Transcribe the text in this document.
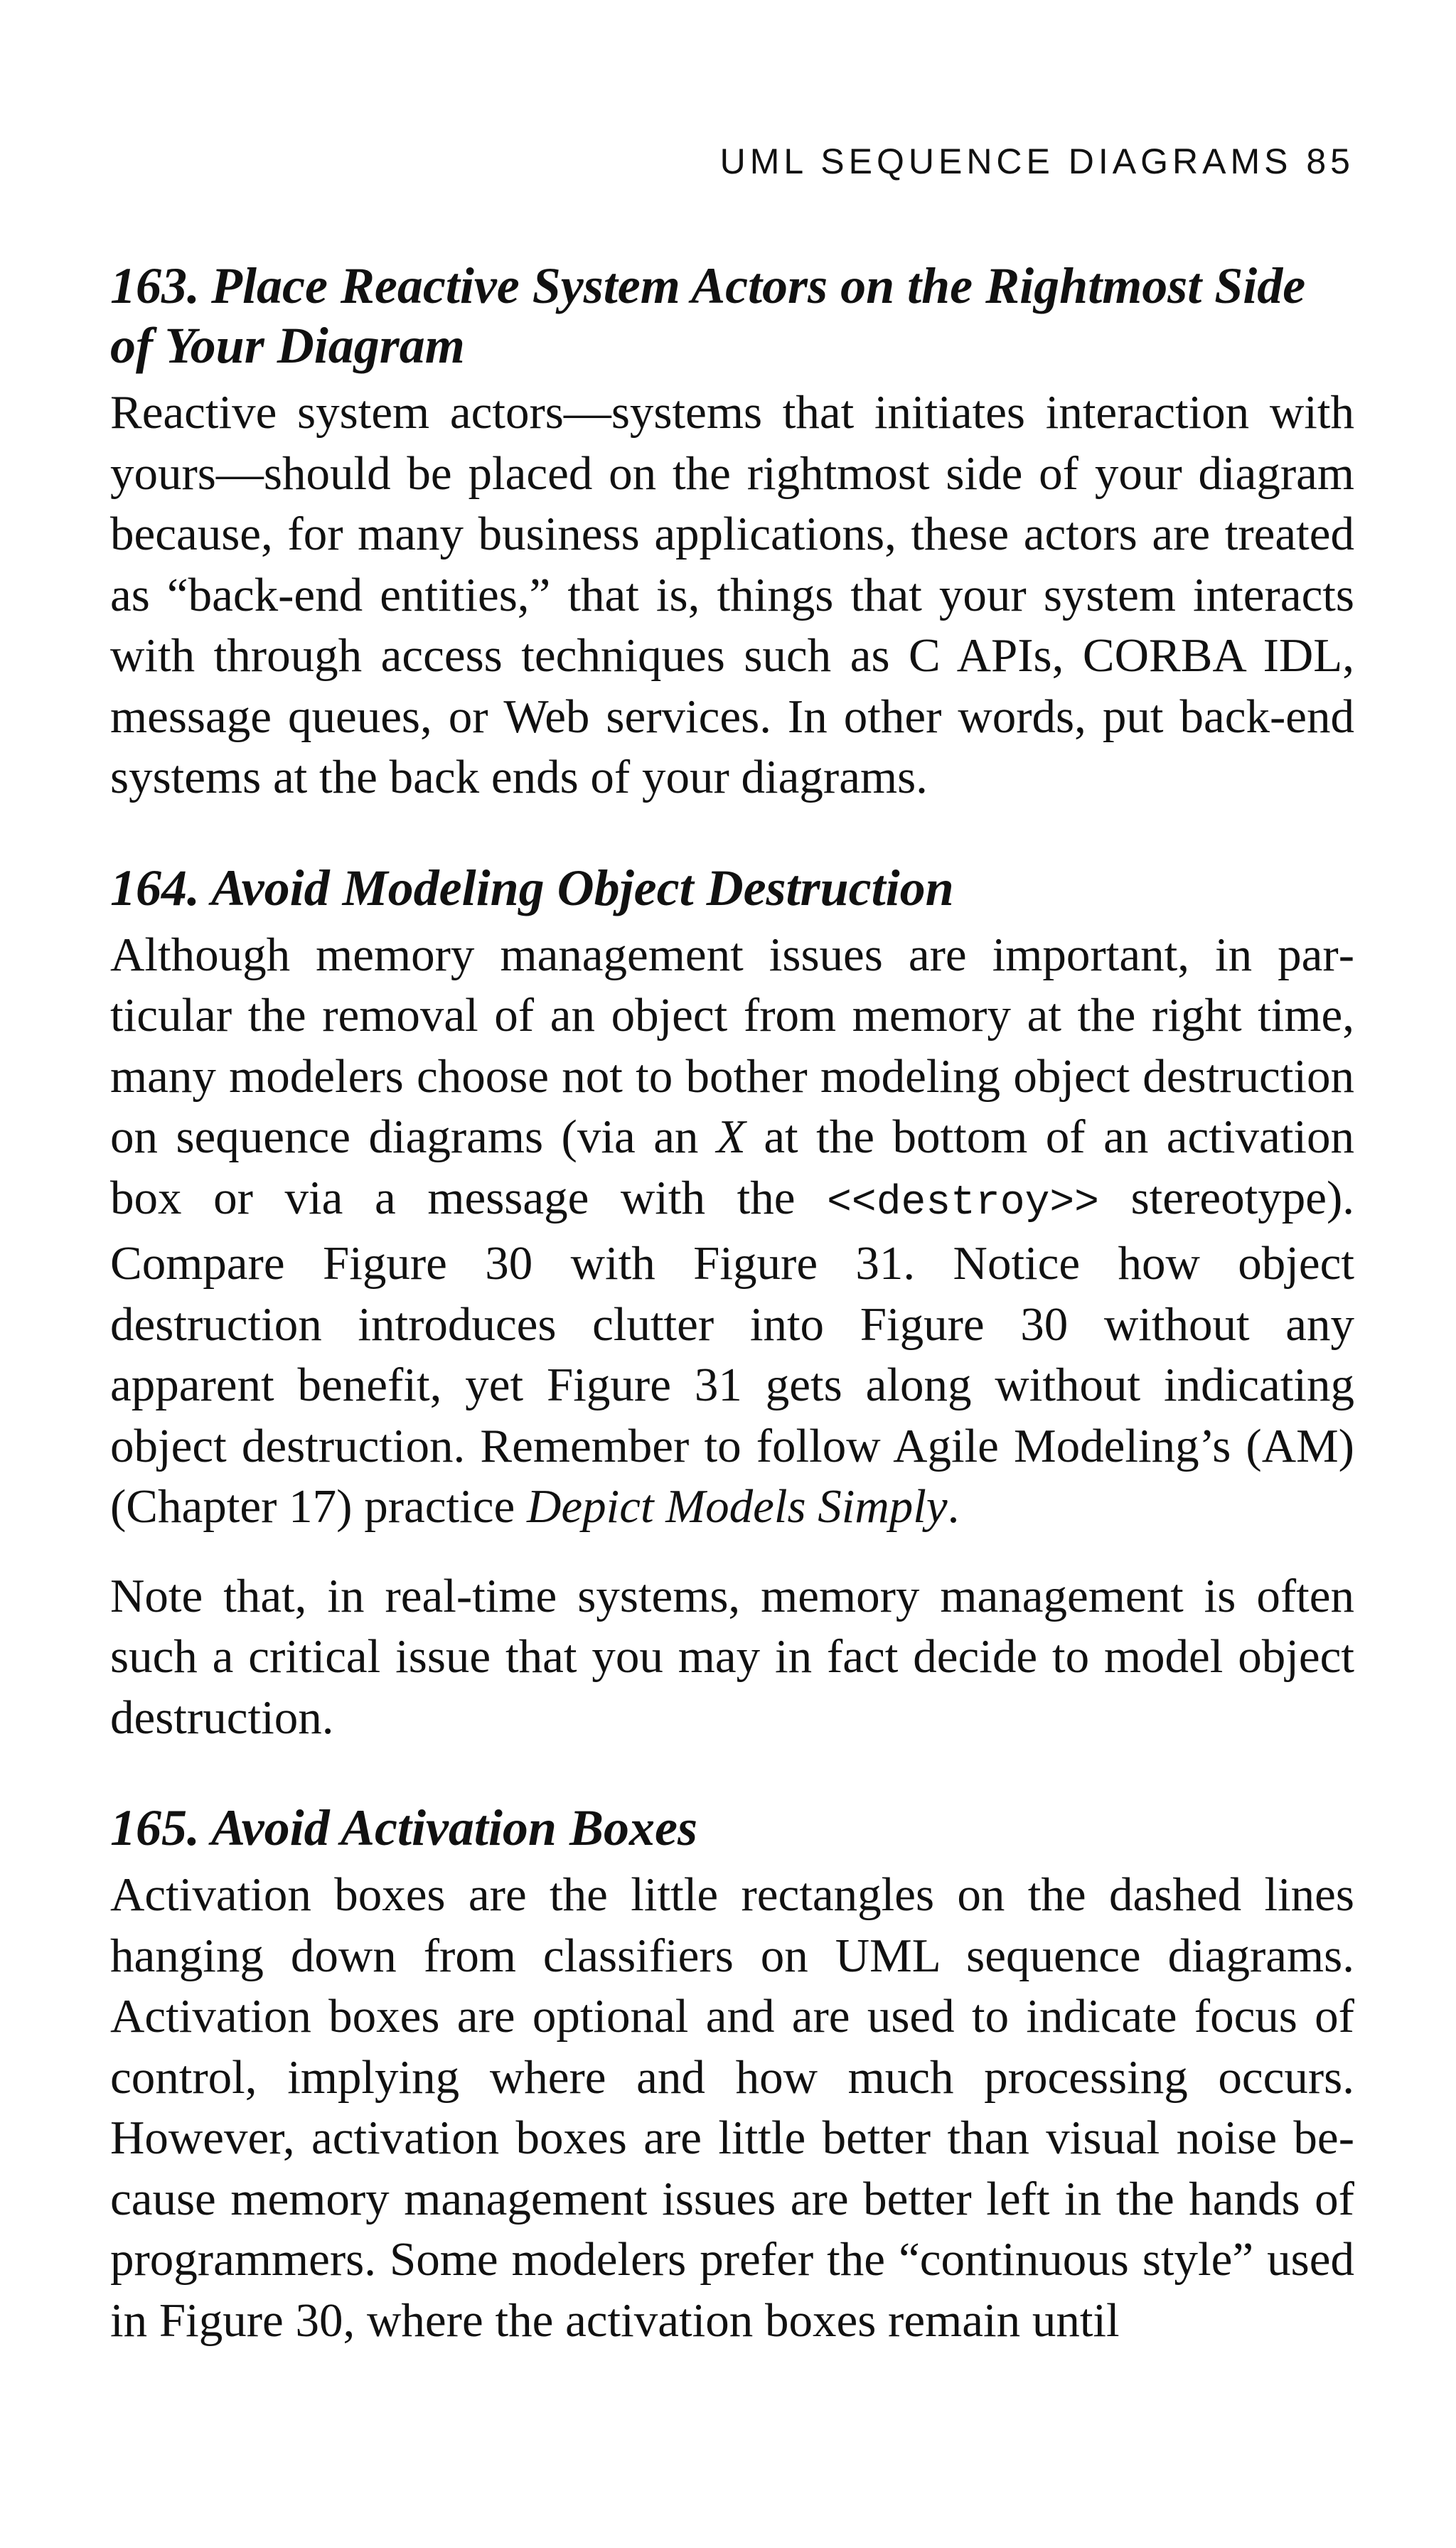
UML SEQUENCE DIAGRAMS 85
163. Place Reactive System Actors on the Rightmost Side of Your Diagram

Reactive system actors—systems that initiates interaction with yours—should be placed on the rightmost side of your diagram because, for many business applications, these actors are treated as “back-end entities,” that is, things that your system interacts with through access techniques such as C APIs, CORBA IDL, message queues, or Web services. In other words, put back-end systems at the back ends of your diagrams.

164. Avoid Modeling Object Destruction

Although memory management issues are important, in particular the removal of an object from memory at the right time, many modelers choose not to bother modeling object destruction on sequence diagrams (via an X at the bottom of an activation box or via a message with the <<destroy>> stereotype). Compare Figure 30 with Figure 31. Notice how object destruction introduces clutter into Figure 30 without any apparent benefit, yet Figure 31 gets along without indicating object destruction. Remember to follow Agile Modeling’s (AM) (Chapter 17) practice Depict Models Simply.

Note that, in real-time systems, memory management is often such a critical issue that you may in fact decide to model object destruction.

165. Avoid Activation Boxes

Activation boxes are the little rectangles on the dashed lines hanging down from classifiers on UML sequence diagrams. Activation boxes are optional and are used to indicate focus of control, implying where and how much processing occurs. However, activation boxes are little better than visual noise because memory management issues are better left in the hands of programmers. Some modelers prefer the “continuous style” used in Figure 30, where the activation boxes remain until
